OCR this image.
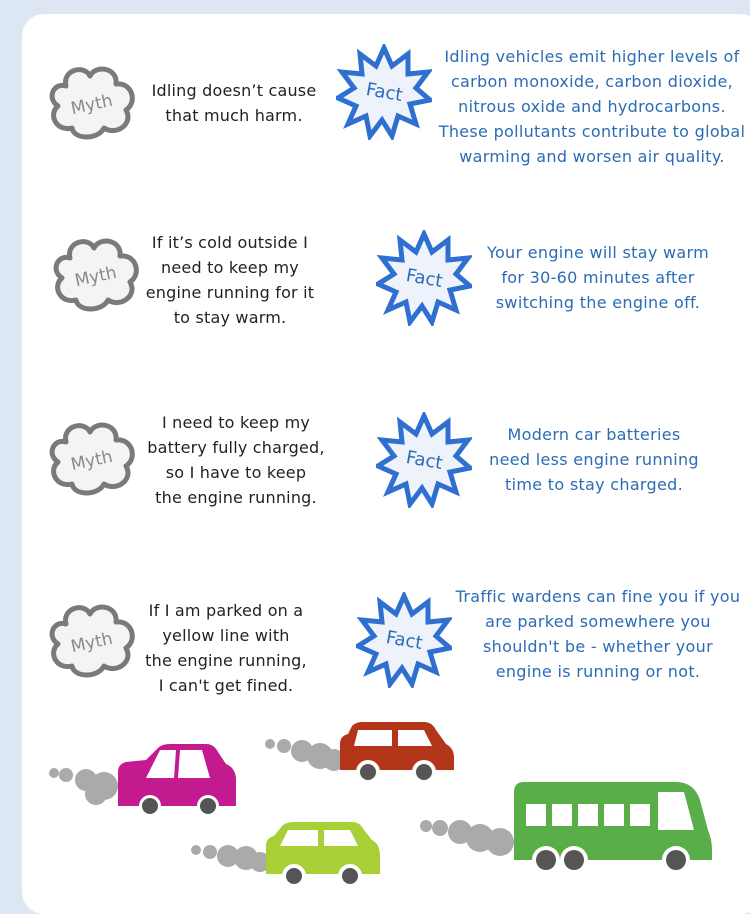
Myth
Idling doesn’t cause
that much harm.
Fact
Idling vehicles emit higher levels of
carbon monoxide, carbon dioxide,
nitrous oxide and hydrocarbons.
These pollutants contribute to global
warming and worsen air quality.
Myth
If it’s cold outside I
need to keep my
engine running for it
to stay warm.
Fact
Your engine will stay warm
for 30-60 minutes after
switching the engine off.
Myth
I need to keep my
battery fully charged,
so I have to keep
the engine running.
Fact
Modern car batteries
need less engine running
time to stay charged.
Myth
If I am parked on a
yellow line with
the engine running,
I can't get fined.
Fact
Traffic wardens can fine you if you
are parked somewhere you
shouldn't be - whether your
engine is running or not.
